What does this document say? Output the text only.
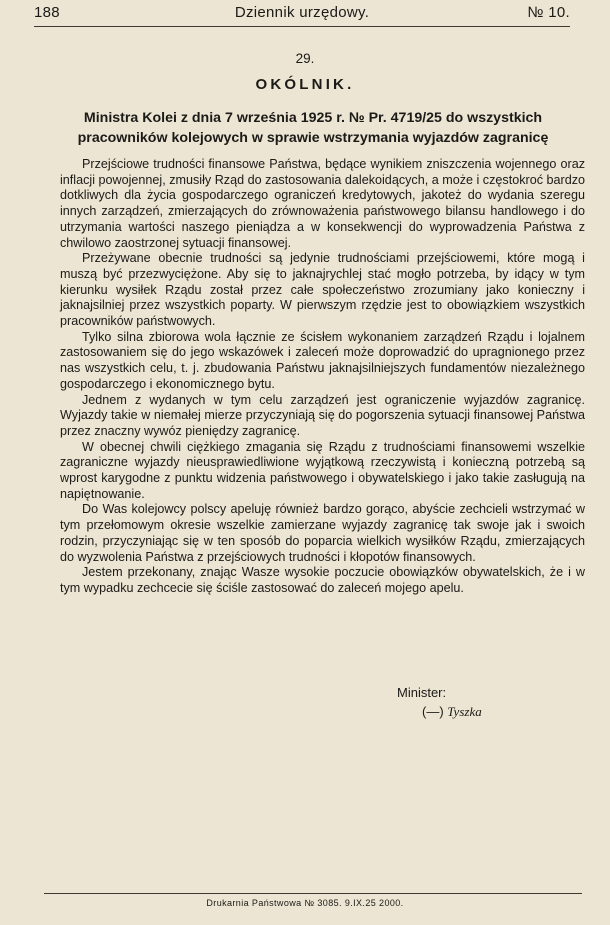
188	Dziennik urzędowy.	№ 10.
29.
OKÓLNIK.
Ministra Kolei z dnia 7 września 1925 r. № Pr. 4719/25 do wszystkich
pracowników kolejowych w sprawie wstrzymania wyjazdów zagranicę

Przejściowe trudności finansowe Państwa, będące wynikiem zniszczenia wojennego oraz inflacji powojennej, zmusiły Rząd do zastosowania dalekoidących, a może i częstokroć bardzo dotkliwych dla życia gospodarczego ograniczeń kredytowych, jakoteż do wydania szeregu innych zarządzeń, zmierzających do zrównoważenia państwowego bilansu handlowego i do utrzymania wartości naszego pieniądza a w konsekwencji do wyprowadzenia Państwa z chwilowo zaostrzonej sytuacji finansowej.

Przeżywane obecnie trudności są jedynie trudnościami przejściowemi, które mogą i muszą być przezwyciężone. Aby się to jaknajrychlej stać mogło potrzeba, by idący w tym kierunku wysiłek Rządu został przez całe społeczeństwo zrozumiany jako konieczny i jaknajsilniej przez wszystkich poparty. W pierwszym rzędzie jest to obowiązkiem wszystkich pracowników państwowych.

Tylko silna zbiorowa wola łącznie ze ścisłem wykonaniem zarządzeń Rządu i lojalnem zastosowaniem się do jego wskazówek i zaleceń może doprowadzić do upragnionego przez nas wszystkich celu, t. j. zbudowania Państwu jaknajsilniejszych fundamentów niezależnego gospodarczego i ekonomicznego bytu.

Jednem z wydanych w tym celu zarządzeń jest ograniczenie wyjazdów zagranicę. Wyjazdy takie w niemałej mierze przyczyniają się do pogorszenia sytuacji finansowej Państwa przez znaczny wywóz pieniędzy zagranicę.

W obecnej chwili ciężkiego zmagania się Rządu z trudnościami finansowemi wszelkie zagraniczne wyjazdy nieusprawiedliwione wyjątkową rzeczywistą i konieczną potrzebą są wprost karygodne z punktu widzenia państwowego i obywatelskiego i jako takie zasługują na napiętnowanie.

Do Was kolejowcy polscy apeluję również bardzo gorąco, abyście zechcieli wstrzymać w tym przełomowym okresie wszelkie zamierzane wyjazdy zagranicę tak swoje jak i swoich rodzin, przyczyniając się w ten sposób do poparcia wielkich wysiłków Rządu, zmierzających do wyzwolenia Państwa z przejściowych trudności i kłopotów finansowych.

Jestem przekonany, znając Wasze wysokie poczucie obowiązków obywatelskich, że i w tym wypadku zechcecie się ściśle zastosować do zaleceń mojego apelu.

Minister:
(—) Tyszka
Drukarnia Państwowa № 3085. 9.IX.25 2000.
